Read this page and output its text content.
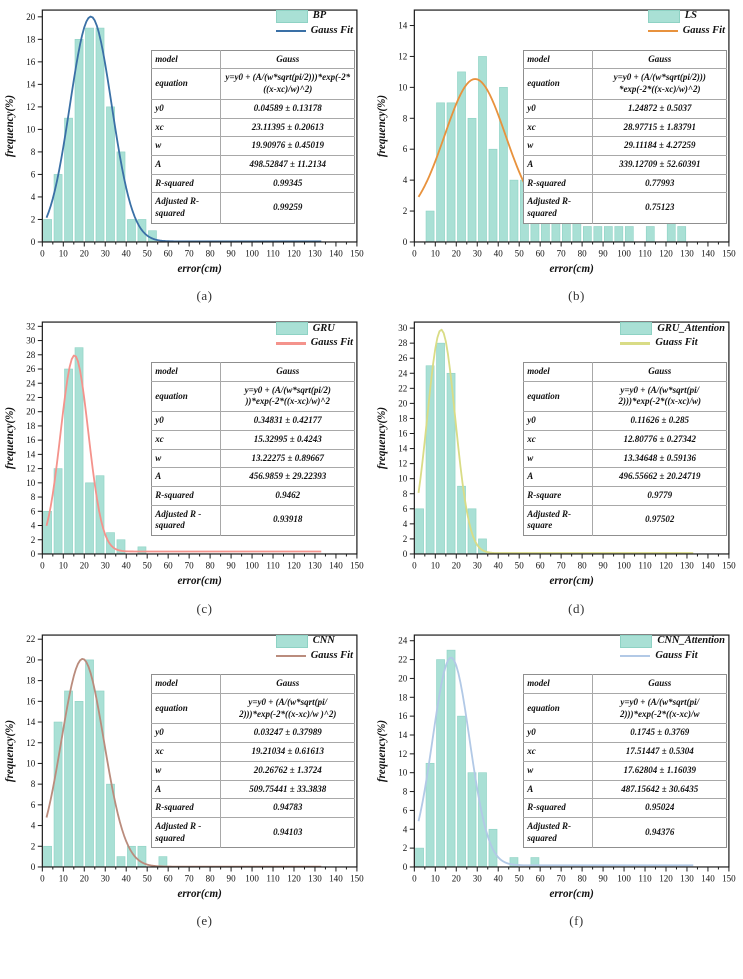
0 10 20 30 40 50 60 70 80 90 100 110 120 130 140 150
0
2
4
6
8
10
12
14
16
18
20
error(cm)
frequency(%)
BP
Gauss Fit
model	Gauss
equation	y=y0 + (A/(w*sqrt(pi/2)))*exp(-2*((x-xc)/w)^2)
y0	0.04589 ± 0.13178
xc	23.11395 ± 0.20613
w	19.90976 ± 0.45019
A	498.52847 ± 11.2134
R-squared	0.99345
Adjusted R-squared	0.99259
(a)
0 10 20 30 40 50 60 70 80 90 100 110 120 130 140 150
0
2
4
6
8
10
12
14
error(cm)
frequency(%)
LS
Gauss Fit
model	Gauss
equation	y=y0 + (A/(w*sqrt(pi/2))) *exp(-2*((x-xc)/w)^2)
y0	1.24872 ± 0.5037
xc	28.97715 ± 1.83791
w	29.11184 ± 4.27259
A	339.12709 ± 52.60391
R-squared	0.77993
Adjusted R-squared	0.75123
(b)
0 10 20 30 40 50 60 70 80 90 100 110 120 130 140 150
0
2
4
6
8
10
12
14
16
18
20
22
24
26
28
30
32
error(cm)
frequency(%)
GRU
Gauss Fit
model	Gauss
equation	y=y0 + (A/(w*sqrt(pi/2) ))*exp(-2*((x-xc)/w)^2
y0	0.34831 ± 0.42177
xc	15.32995 ± 0.4243
w	13.22275 ± 0.89667
A	456.9859 ± 29.22393
R-squared	0.9462
Adjusted R -squared	0.93918
(c)
0 10 20 30 40 50 60 70 80 90 100 110 120 130 140 150
0
2
4
6
8
10
12
14
16
18
20
22
24
26
28
30
error(cm)
frequency(%)
GRU_Attention
Guass Fit
model	Gauss
equation	y=y0 + (A/(w*sqrt(pi/ 2)))*exp(-2*((x-xc)/w)
y0	0.11626 ± 0.285
xc	12.80776 ± 0.27342
w	13.34648 ± 0.59136
A	496.55662 ± 20.24719
R-square	0.9779
Adjusted R-square	0.97502
(d)
0 10 20 30 40 50 60 70 80 90 100 110 120 130 140 150
0
2
4
6
8
10
12
14
16
18
20
22
error(cm)
frequency(%)
CNN
Gauss Fit
model	Gauss
equation	y=y0 + (A/(w*sqrt(pi/ 2)))*exp(-2*((x-xc)/w )^2)
y0	0.03247 ± 0.37989
xc	19.21034 ± 0.61613
w	20.26762 ± 1.3724
A	509.75441 ± 33.3838
R-squared	0.94783
Adjusted R -squared	0.94103
(e)
0 10 20 30 40 50 60 70 80 90 100 110 120 130 140 150
0
2
4
6
8
10
12
14
16
18
20
22
24
error(cm)
frequency(%)
CNN_Attention
Gauss Fit
model	Gauss
equation	y=y0 + (A/(w*sqrt(pi/ 2)))*exp(-2*((x-xc)/w
y0	0.1745 ± 0.3769
xc	17.51447 ± 0.5304
w	17.62804 ± 1.16039
A	487.15642 ± 30.6435
R-squared	0.95024
Adjusted R-squared	0.94376
(f)
